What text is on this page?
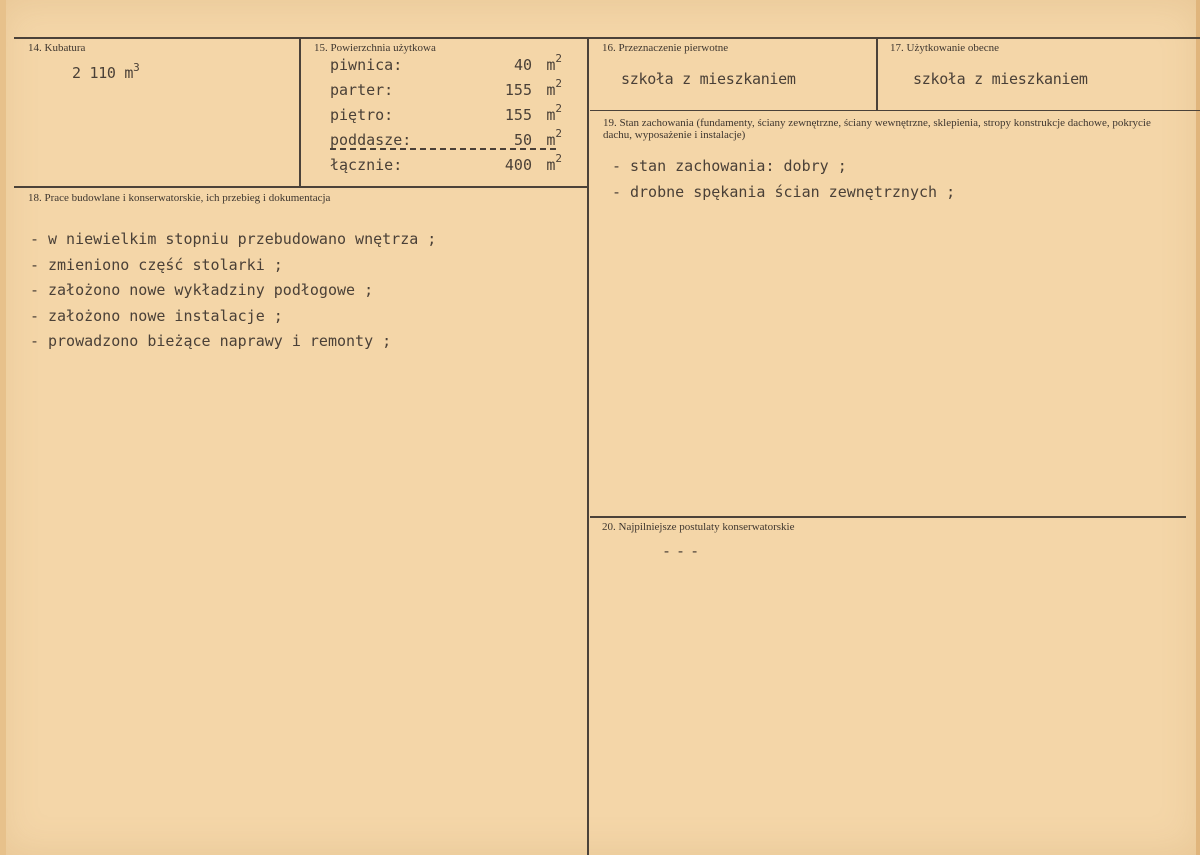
14. Kubatura
2 110 $m^3$
15. Powierzchnia użytkowa
piwnica:	40 $m^2$
parter:	155 $m^2$
piętro:	155 $m^2$
poddasze:	50 $m^2$
łącznie:	400 $m^2$
16. Przeznaczenie pierwotne
szkoła z mieszkaniem
17. Użytkowanie obecne
szkoła z mieszkaniem
18. Prace budowlane i konserwatorskie, ich przebieg i dokumentacja
- w niewielkim stopniu przebudowano wnętrza ;
- zmieniono część stolarki ;
- założono nowe wykładziny podłogowe ;
- założono nowe instalacje ;
- prowadzono bieżące naprawy i remonty ;
19. Stan zachowania (fundamenty, ściany zewnętrzne, ściany wewnętrzne, sklepienia, stropy konstrukcje dachowe, pokrycie dachu, wyposażenie i instalacje)
- stan zachowania: dobry ;
- drobne spękania ścian zewnętrznych ;
20. Najpilniejsze postulaty konserwatorskie
- - -
